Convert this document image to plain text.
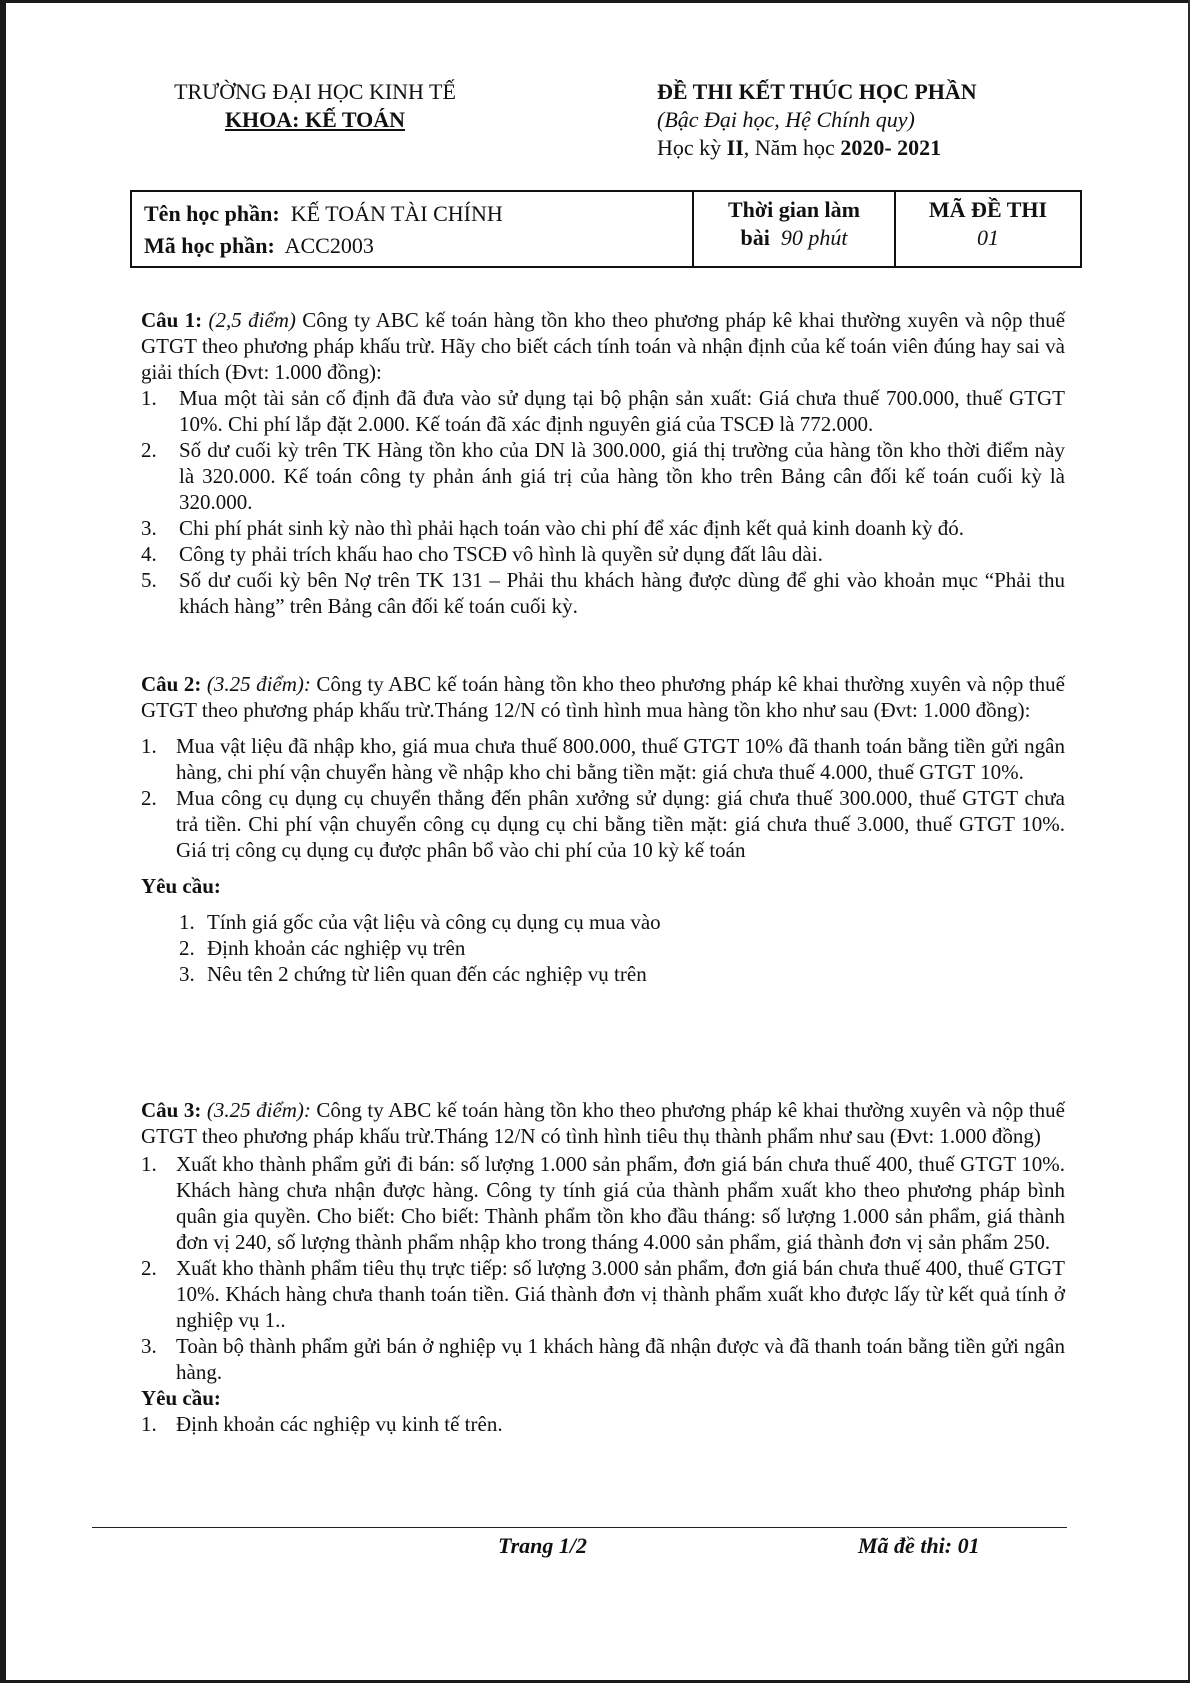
TRƯỜNG ĐẠI HỌC KINH TẾ
KHOA: KẾ TOÁN
ĐỀ THI KẾT THÚC HỌC PHẦN
(Bậc Đại học, Hệ Chính quy)
Học kỳ II, Năm học 2020- 2021
Tên học phần: KẾ TOÁN TÀI CHÍNH
Mã học phần: ACC2003
Thời gian làm
bài 90 phút
MÃ ĐỀ THI
01

Câu 1: (2,5 điểm) Công ty ABC kế toán hàng tồn kho theo phương pháp kê khai thường xuyên và nộp thuế GTGT theo phương pháp khấu trừ. Hãy cho biết cách tính toán và nhận định của kế toán viên đúng hay sai và giải thích (Đvt: 1.000 đồng):

1. Mua một tài sản cố định đã đưa vào sử dụng tại bộ phận sản xuất: Giá chưa thuế 700.000, thuế GTGT 10%. Chi phí lắp đặt 2.000. Kế toán đã xác định nguyên giá của TSCĐ là 772.000.
2. Số dư cuối kỳ trên TK Hàng tồn kho của DN là 300.000, giá thị trường của hàng tồn kho thời điểm này là 320.000. Kế toán công ty phản ánh giá trị của hàng tồn kho trên Bảng cân đối kế toán cuối kỳ là 320.000.
3. Chi phí phát sinh kỳ nào thì phải hạch toán vào chi phí để xác định kết quả kinh doanh kỳ đó.
4. Công ty phải trích khấu hao cho TSCĐ vô hình là quyền sử dụng đất lâu dài.
5. Số dư cuối kỳ bên Nợ trên TK 131 – Phải thu khách hàng được dùng để ghi vào khoản mục “Phải thu khách hàng” trên Bảng cân đối kế toán cuối kỳ.

Câu 2: (3.25 điểm): Công ty ABC kế toán hàng tồn kho theo phương pháp kê khai thường xuyên và nộp thuế GTGT theo phương pháp khấu trừ.Tháng 12/N có tình hình mua hàng tồn kho như sau (Đvt: 1.000 đồng):

1. Mua vật liệu đã nhập kho, giá mua chưa thuế 800.000, thuế GTGT 10% đã thanh toán bằng tiền gửi ngân hàng, chi phí vận chuyển hàng về nhập kho chi bằng tiền mặt: giá chưa thuế 4.000, thuế GTGT 10%.
2. Mua công cụ dụng cụ chuyển thẳng đến phân xưởng sử dụng: giá chưa thuế 300.000, thuế GTGT chưa trả tiền. Chi phí vận chuyển công cụ dụng cụ chi bằng tiền mặt: giá chưa thuế 3.000, thuế GTGT 10%. Giá trị công cụ dụng cụ được phân bổ vào chi phí của 10 kỳ kế toán

Yêu cầu:

1. Tính giá gốc của vật liệu và công cụ dụng cụ mua vào
2. Định khoản các nghiệp vụ trên
3. Nêu tên 2 chứng từ liên quan đến các nghiệp vụ trên

Câu 3: (3.25 điểm): Công ty ABC kế toán hàng tồn kho theo phương pháp kê khai thường xuyên và nộp thuế GTGT theo phương pháp khấu trừ.Tháng 12/N có tình hình tiêu thụ thành phẩm như sau (Đvt: 1.000 đồng)

1. Xuất kho thành phẩm gửi đi bán: số lượng 1.000 sản phẩm, đơn giá bán chưa thuế 400, thuế GTGT 10%. Khách hàng chưa nhận được hàng. Công ty tính giá của thành phẩm xuất kho theo phương pháp bình quân gia quyền. Cho biết: Cho biết: Thành phẩm tồn kho đầu tháng: số lượng 1.000 sản phẩm, giá thành đơn vị 240, số lượng thành phẩm nhập kho trong tháng 4.000 sản phẩm, giá thành đơn vị sản phẩm 250.
2. Xuất kho thành phẩm tiêu thụ trực tiếp: số lượng 3.000 sản phẩm, đơn giá bán chưa thuế 400, thuế GTGT 10%. Khách hàng chưa thanh toán tiền. Giá thành đơn vị thành phẩm xuất kho được lấy từ kết quả tính ở nghiệp vụ 1..
3. Toàn bộ thành phẩm gửi bán ở nghiệp vụ 1 khách hàng đã nhận được và đã thanh toán bằng tiền gửi ngân hàng.

Yêu cầu:

1. Định khoản các nghiệp vụ kinh tế trên.
Trang 1/2	Mã đề thi: 01
